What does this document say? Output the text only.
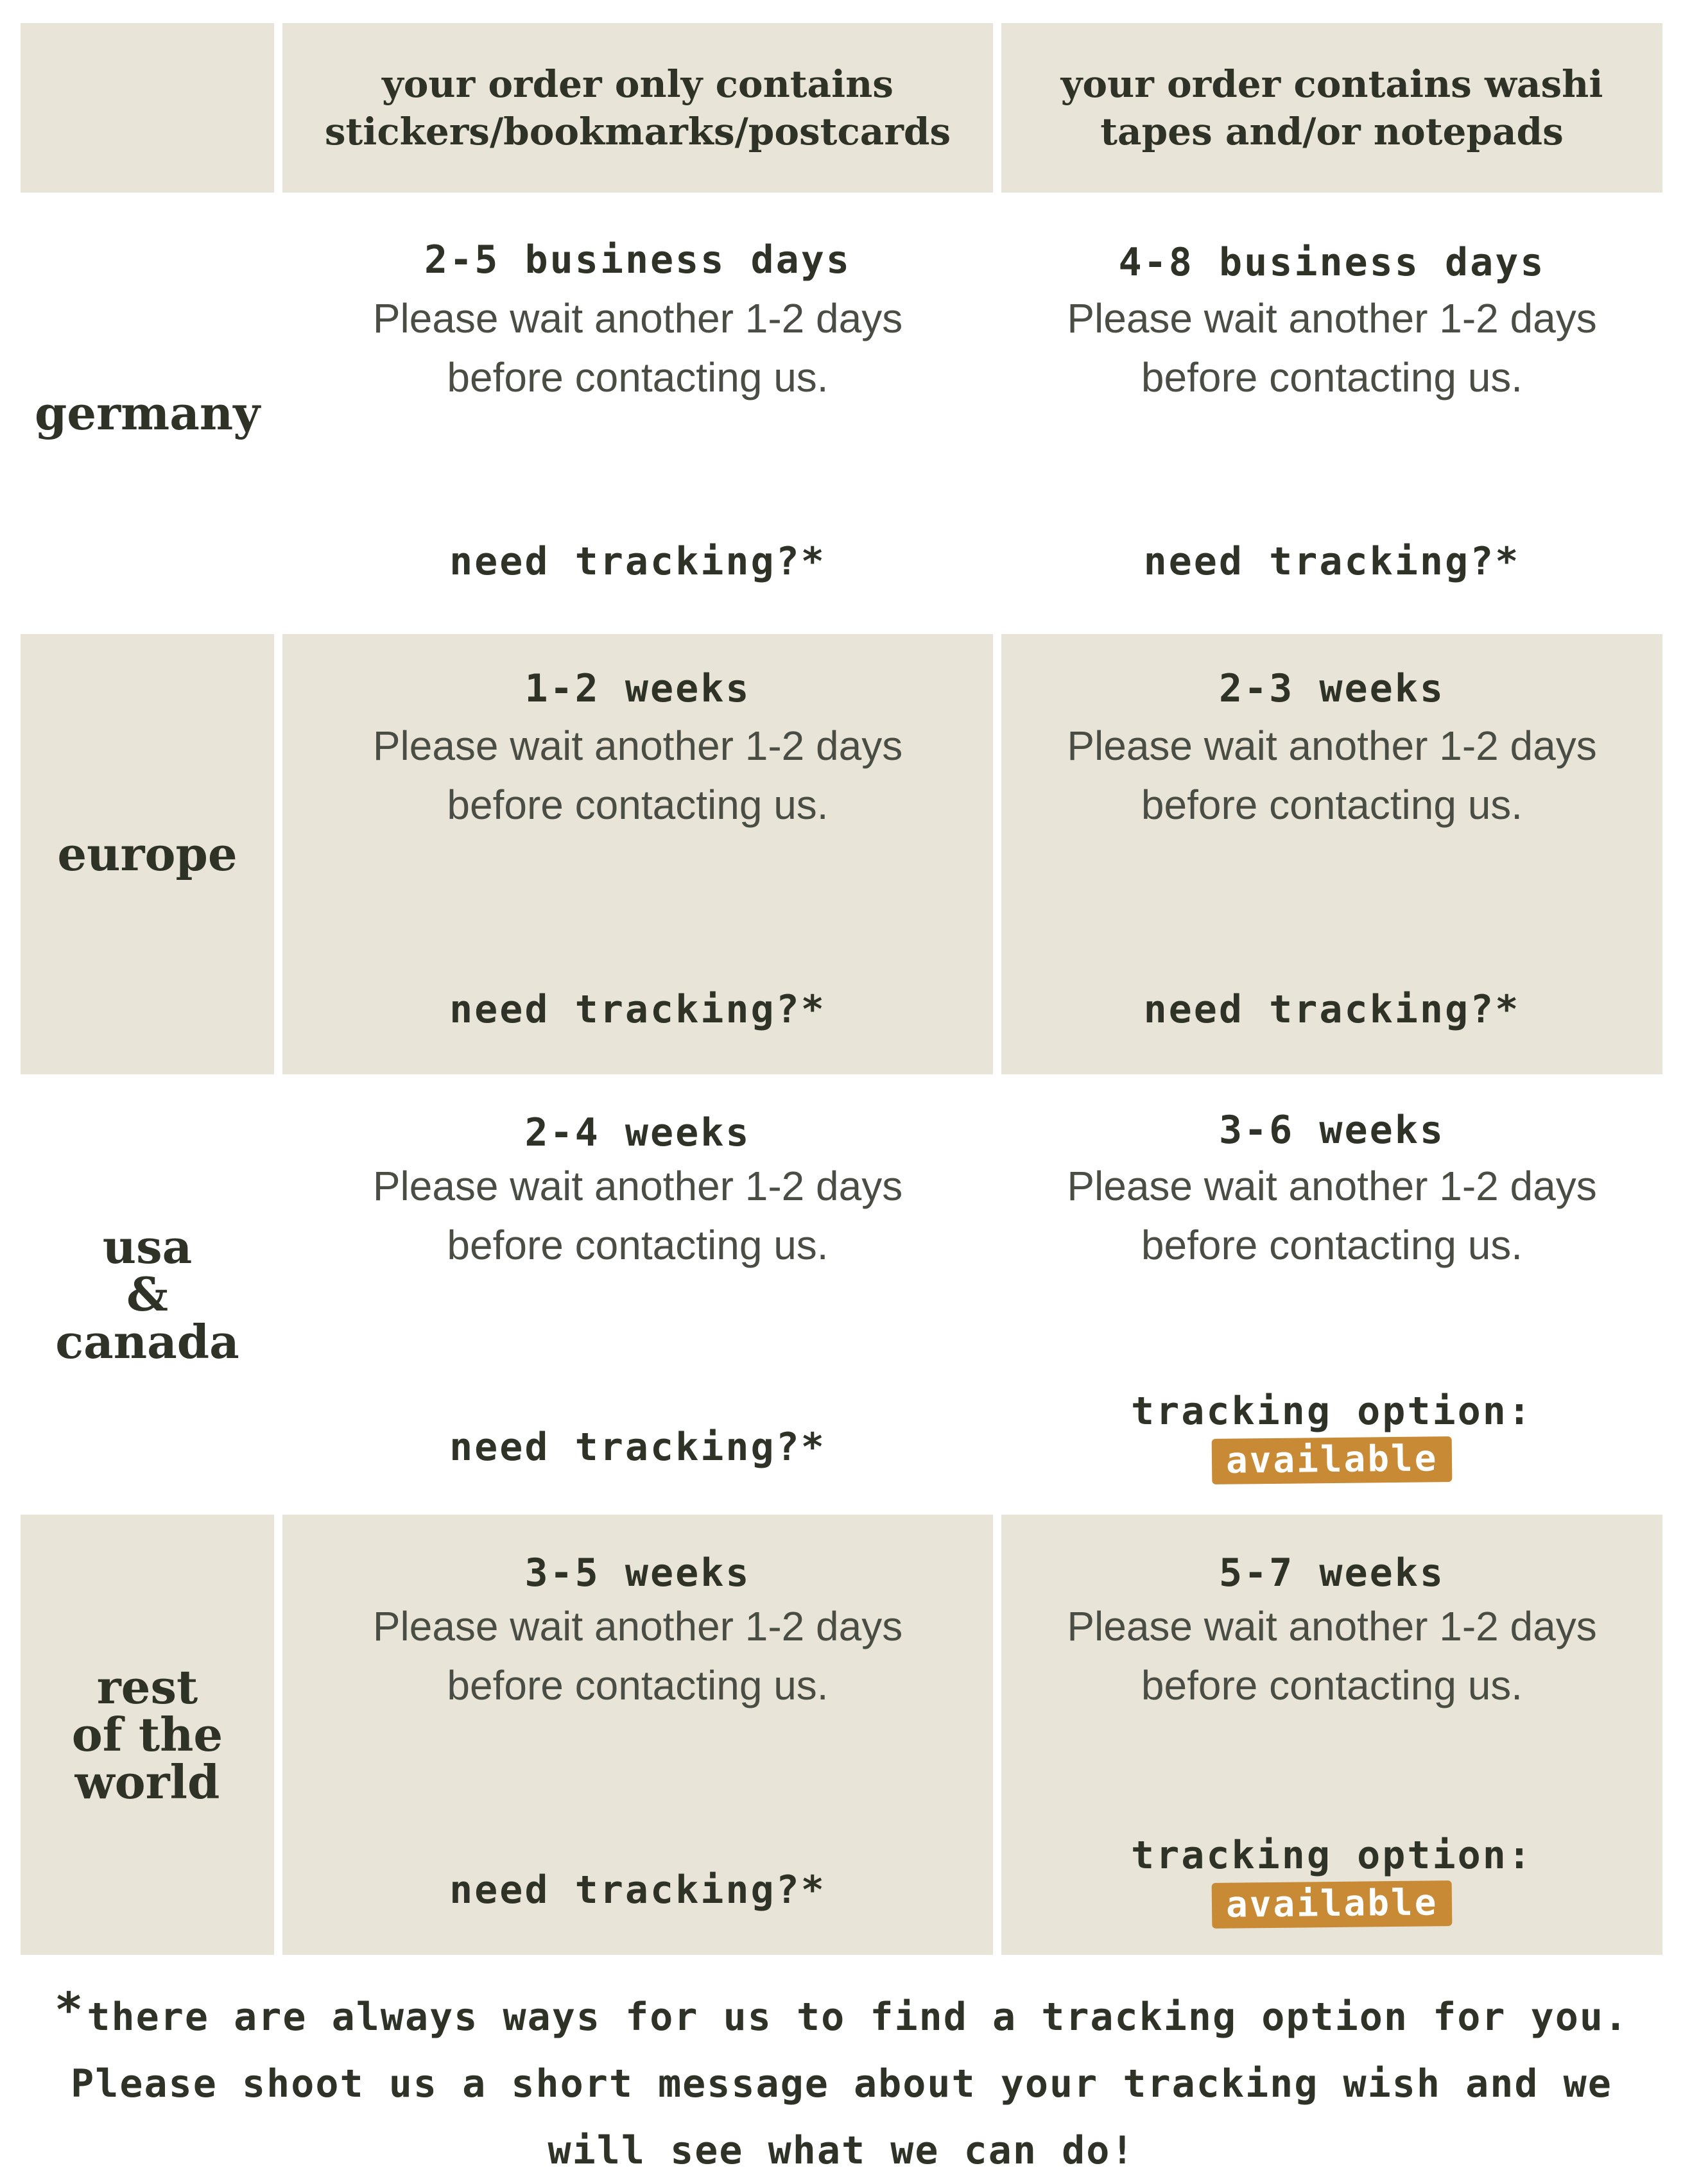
your order only contains stickers/bookmarks/postcards
your order contains washi tapes and/or notepads
germany
2-5 business days
Please wait another 1-2 days
before contacting us.
need tracking?*
4-8 business days
Please wait another 1-2 days
before contacting us.
need tracking?*
europe
1-2 weeks
Please wait another 1-2 days
before contacting us.
need tracking?*
2-3 weeks
Please wait another 1-2 days
before contacting us.
need tracking?*
usa
&
canada
2-4 weeks
Please wait another 1-2 days
before contacting us.
need tracking?*
3-6 weeks
Please wait another 1-2 days
before contacting us.
tracking option:
available
rest
of the
world
3-5 weeks
Please wait another 1-2 days
before contacting us.
need tracking?*
5-7 weeks
Please wait another 1-2 days
before contacting us.
tracking option:
available
*there are always ways for us to find a tracking option for you.
Please shoot us a short message about your tracking wish and we
will see what we can do!
